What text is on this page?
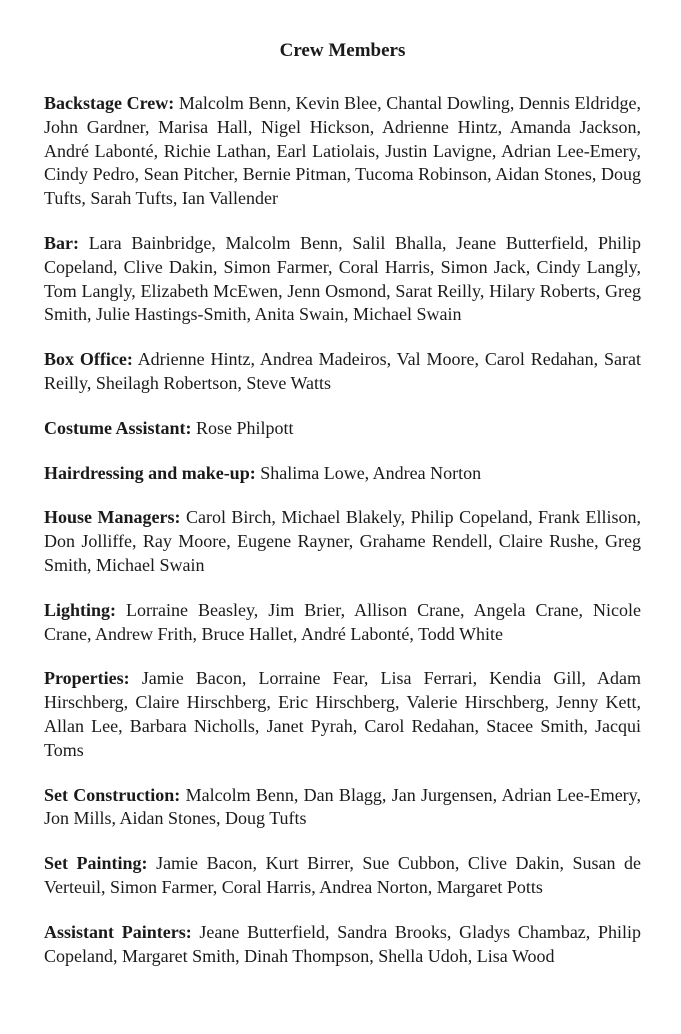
Crew Members

Backstage Crew: Malcolm Benn, Kevin Blee, Chantal Dowling, Dennis Eldridge, John Gardner, Marisa Hall, Nigel Hickson, Adrienne Hintz, Amanda Jackson, André Labonté, Richie Lathan, Earl Latiolais, Justin Lavigne, Adrian Lee-Emery, Cindy Pedro, Sean Pitcher, Bernie Pitman, Tucoma Robinson, Aidan Stones, Doug Tufts, Sarah Tufts, Ian Vallender

Bar: Lara Bainbridge, Malcolm Benn, Salil Bhalla, Jeane Butterfield, Philip Copeland, Clive Dakin, Simon Farmer, Coral Harris, Simon Jack, Cindy Langly, Tom Langly, Elizabeth McEwen, Jenn Osmond, Sarat Reilly, Hilary Roberts, Greg Smith, Julie Hastings-Smith, Anita Swain, Michael Swain

Box Office: Adrienne Hintz, Andrea Madeiros, Val Moore, Carol Redahan, Sarat Reilly, Sheilagh Robertson, Steve Watts

Costume Assistant: Rose Philpott

Hairdressing and make-up: Shalima Lowe, Andrea Norton

House Managers: Carol Birch, Michael Blakely, Philip Copeland, Frank Ellison, Don Jolliffe, Ray Moore, Eugene Rayner, Grahame Rendell, Claire Rushe, Greg Smith, Michael Swain

Lighting: Lorraine Beasley, Jim Brier, Allison Crane, Angela Crane, Nicole Crane, Andrew Frith, Bruce Hallet, André Labonté, Todd White

Properties: Jamie Bacon, Lorraine Fear, Lisa Ferrari, Kendia Gill, Adam Hirschberg, Claire Hirschberg, Eric Hirschberg, Valerie Hirschberg, Jenny Kett, Allan Lee, Barbara Nicholls, Janet Pyrah, Carol Redahan, Stacee Smith, Jacqui Toms

Set Construction: Malcolm Benn, Dan Blagg, Jan Jurgensen, Adrian Lee-Emery, Jon Mills, Aidan Stones, Doug Tufts

Set Painting: Jamie Bacon, Kurt Birrer, Sue Cubbon, Clive Dakin, Susan de Verteuil, Simon Farmer, Coral Harris, Andrea Norton, Margaret Potts

Assistant Painters: Jeane Butterfield, Sandra Brooks, Gladys Chambaz, Philip Copeland, Margaret Smith, Dinah Thompson, Shella Udoh, Lisa Wood
